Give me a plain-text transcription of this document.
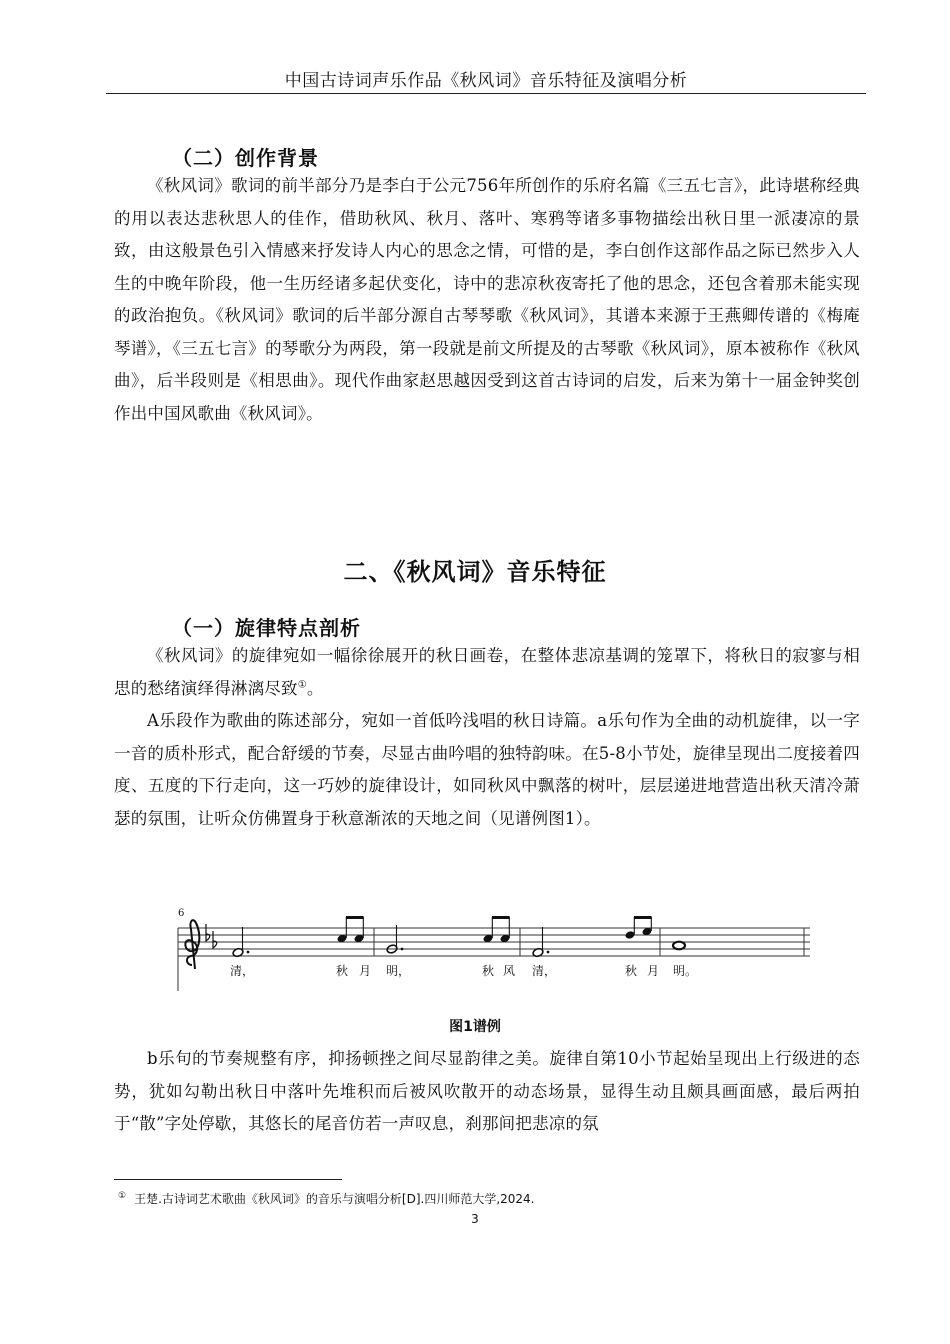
中国古诗词声乐作品《秋风词》音乐特征及演唱分析
（二）创作背景
《秋风词》歌词的前半部分乃是李白于公元756年所创作的乐府名篇《三五七言》，此诗堪称经典的用以表达悲秋思人的佳作，借助秋风、秋月、落叶、寒鸦等诸多事物描绘出秋日里一派凄凉的景致，由这般景色引入情感来抒发诗人内心的思念之情，可惜的是，李白创作这部作品之际已然步入人生的中晚年阶段，他一生历经诸多起伏变化，诗中的悲凉秋夜寄托了他的思念，还包含着那未能实现的政治抱负。《秋风词》歌词的后半部分源自古琴琴歌《秋风词》，其谱本来源于王燕卿传谱的《梅庵琴谱》，《三五七言》的琴歌分为两段，第一段就是前文所提及的古琴歌《秋风词》，原本被称作《秋风曲》，后半段则是《相思曲》。现代作曲家赵思越因受到这首古诗词的启发，后来为第十一届金钟奖创作出中国风歌曲《秋风词》。
二、《秋风词》音乐特征
（一）旋律特点剖析
《秋风词》的旋律宛如一幅徐徐展开的秋日画卷，在整体悲凉基调的笼罩下，将秋日的寂寥与相思的愁绪演绎得淋漓尽致①。
A乐段作为歌曲的陈述部分，宛如一首低吟浅唱的秋日诗篇。a乐句作为全曲的动机旋律，以一字一音的质朴形式，配合舒缓的节奏，尽显古曲吟唱的独特韵味。在5-8小节处，旋律呈现出二度接着四度、五度的下行走向，这一巧妙的旋律设计，如同秋风中飘落的树叶，层层递进地营造出秋天清冷萧瑟的氛围，让听众仿佛置身于秋意渐浓的天地之间（见谱例图1）。
6
清，	秋 月 明，	秋 风 清，	秋 月 明。
图1谱例
b乐句的节奏规整有序，抑扬顿挫之间尽显韵律之美。旋律自第10小节起始呈现出上行级进的态势，犹如勾勒出秋日中落叶先堆积而后被风吹散开的动态场景，显得生动且颇具画面感，最后两拍于“散”字处停歇，其悠长的尾音仿若一声叹息，刹那间把悲凉的氛
① 王楚.古诗词艺术歌曲《秋风词》的音乐与演唱分析[D].四川师范大学,2024.
3
